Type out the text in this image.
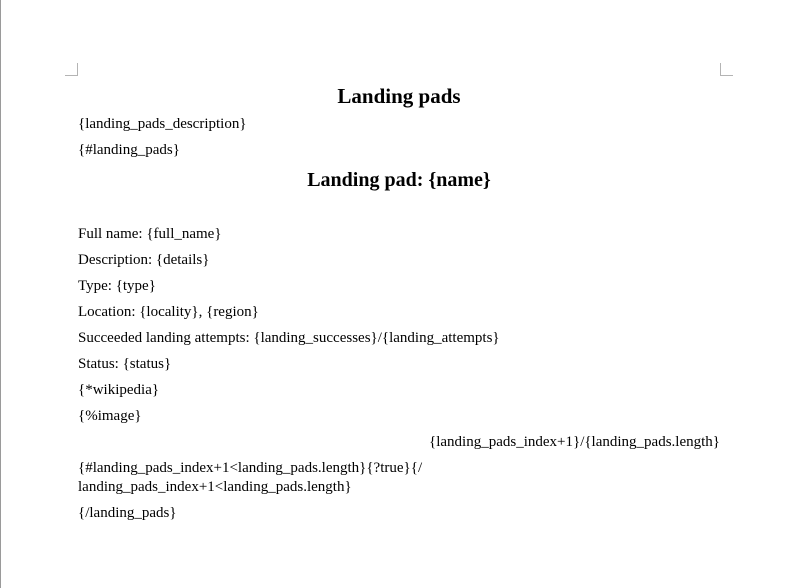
Landing pads
{landing_pads_description}
{#landing_pads}
Landing pad: {name}
Full name: {full_name}
Description: {details}
Type: {type}
Location: {locality}, {region}
Succeeded landing attempts: {landing_successes}/{landing_attempts}
Status: {status}
{*wikipedia}
{%image}
{landing_pads_index+1}/{landing_pads.length}
{#landing_pads_index+1<landing_pads.length}{?true}{/
landing_pads_index+1<landing_pads.length}
{/landing_pads}
